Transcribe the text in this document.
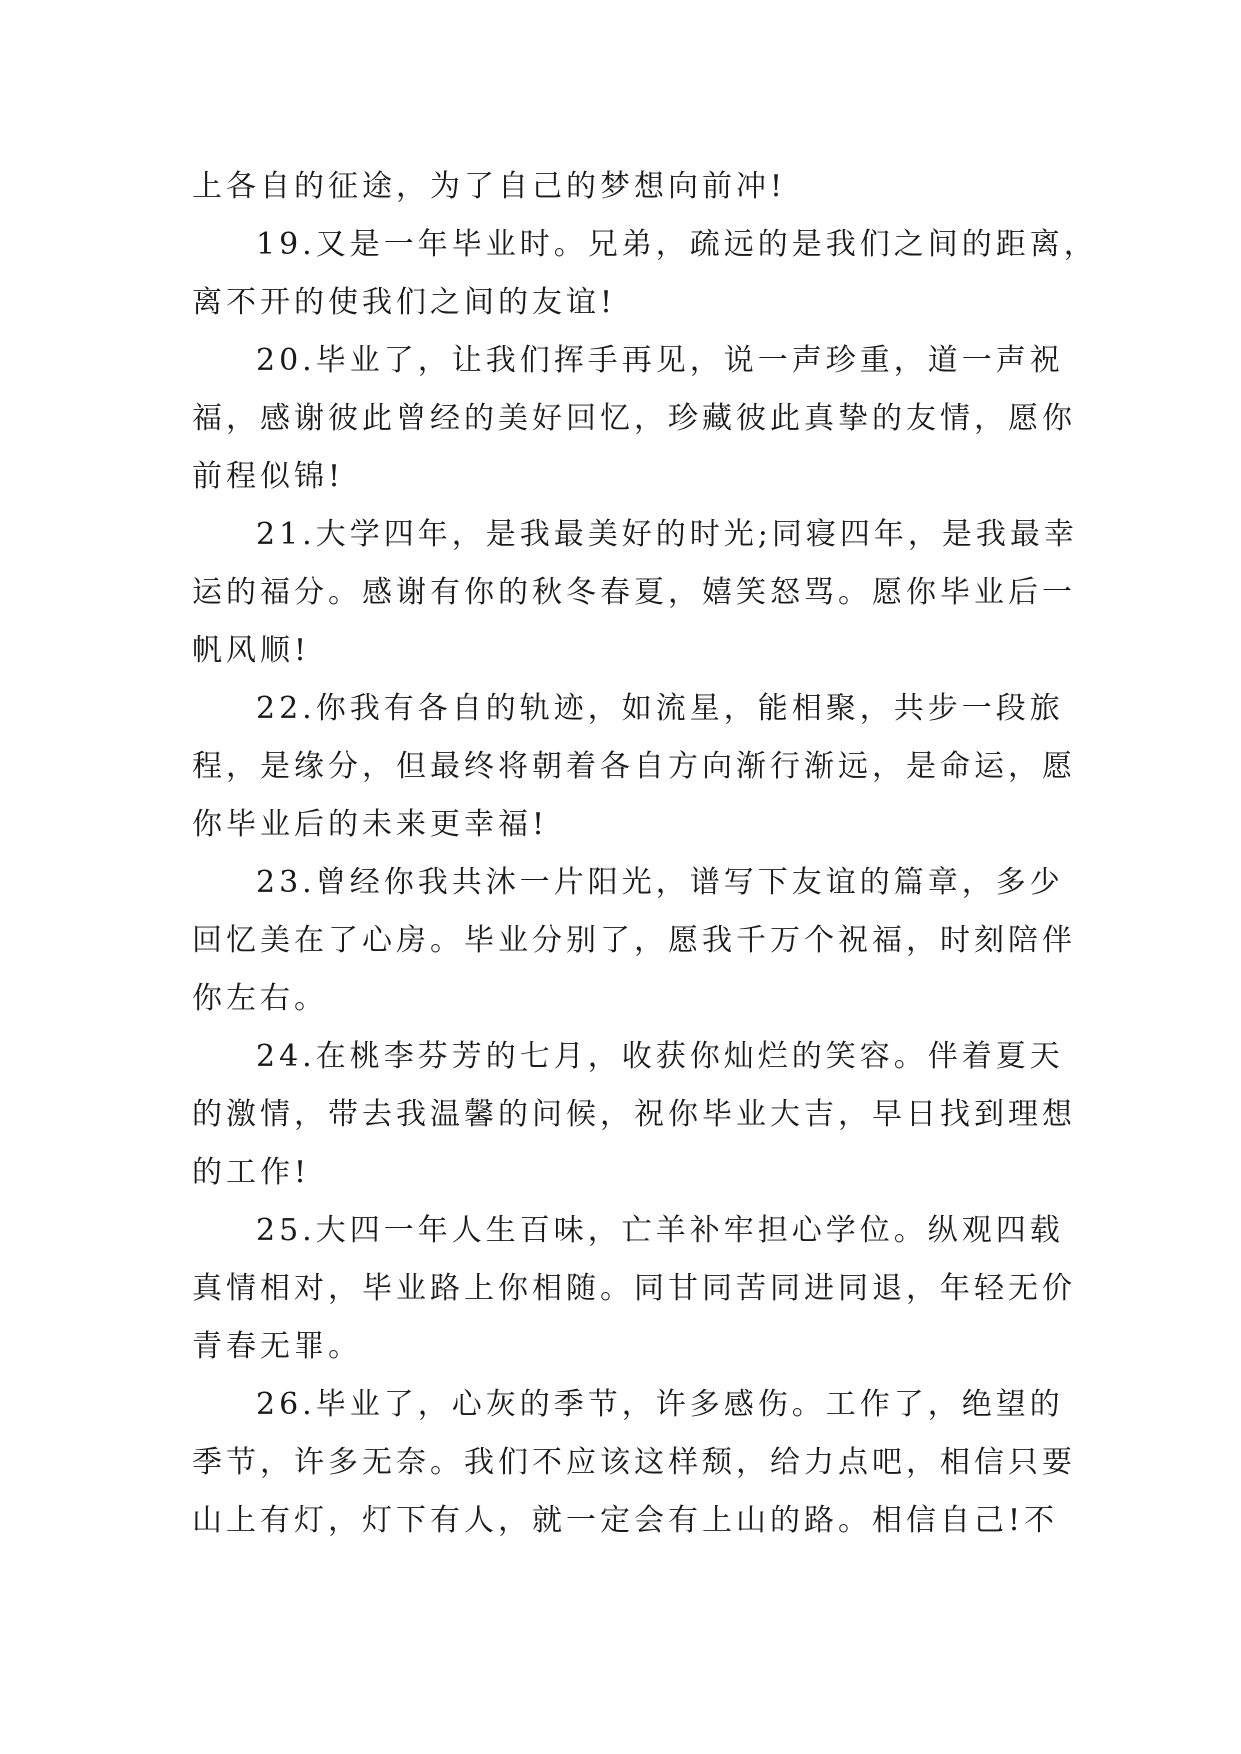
上各自的征途，为了自己的梦想向前冲!
19.又是一年毕业时。兄弟，疏远的是我们之间的距离，
离不开的使我们之间的友谊!
20.毕业了，让我们挥手再见，说一声珍重，道一声祝
福，感谢彼此曾经的美好回忆，珍藏彼此真挚的友情，愿你
前程似锦!
21.大学四年，是我最美好的时光;同寝四年，是我最幸
运的福分。感谢有你的秋冬春夏，嬉笑怒骂。愿你毕业后一
帆风顺!
22.你我有各自的轨迹，如流星，能相聚，共步一段旅
程，是缘分，但最终将朝着各自方向渐行渐远，是命运，愿
你毕业后的未来更幸福!
23.曾经你我共沐一片阳光，谱写下友谊的篇章，多少
回忆美在了心房。毕业分别了，愿我千万个祝福，时刻陪伴
你左右。
24.在桃李芬芳的七月，收获你灿烂的笑容。伴着夏天
的激情，带去我温馨的问候，祝你毕业大吉，早日找到理想
的工作!
25.大四一年人生百味，亡羊补牢担心学位。纵观四载
真情相对，毕业路上你相随。同甘同苦同进同退，年轻无价
青春无罪。
26.毕业了，心灰的季节，许多感伤。工作了，绝望的
季节，许多无奈。我们不应该这样颓，给力点吧，相信只要
山上有灯，灯下有人，就一定会有上山的路。相信自己!不
